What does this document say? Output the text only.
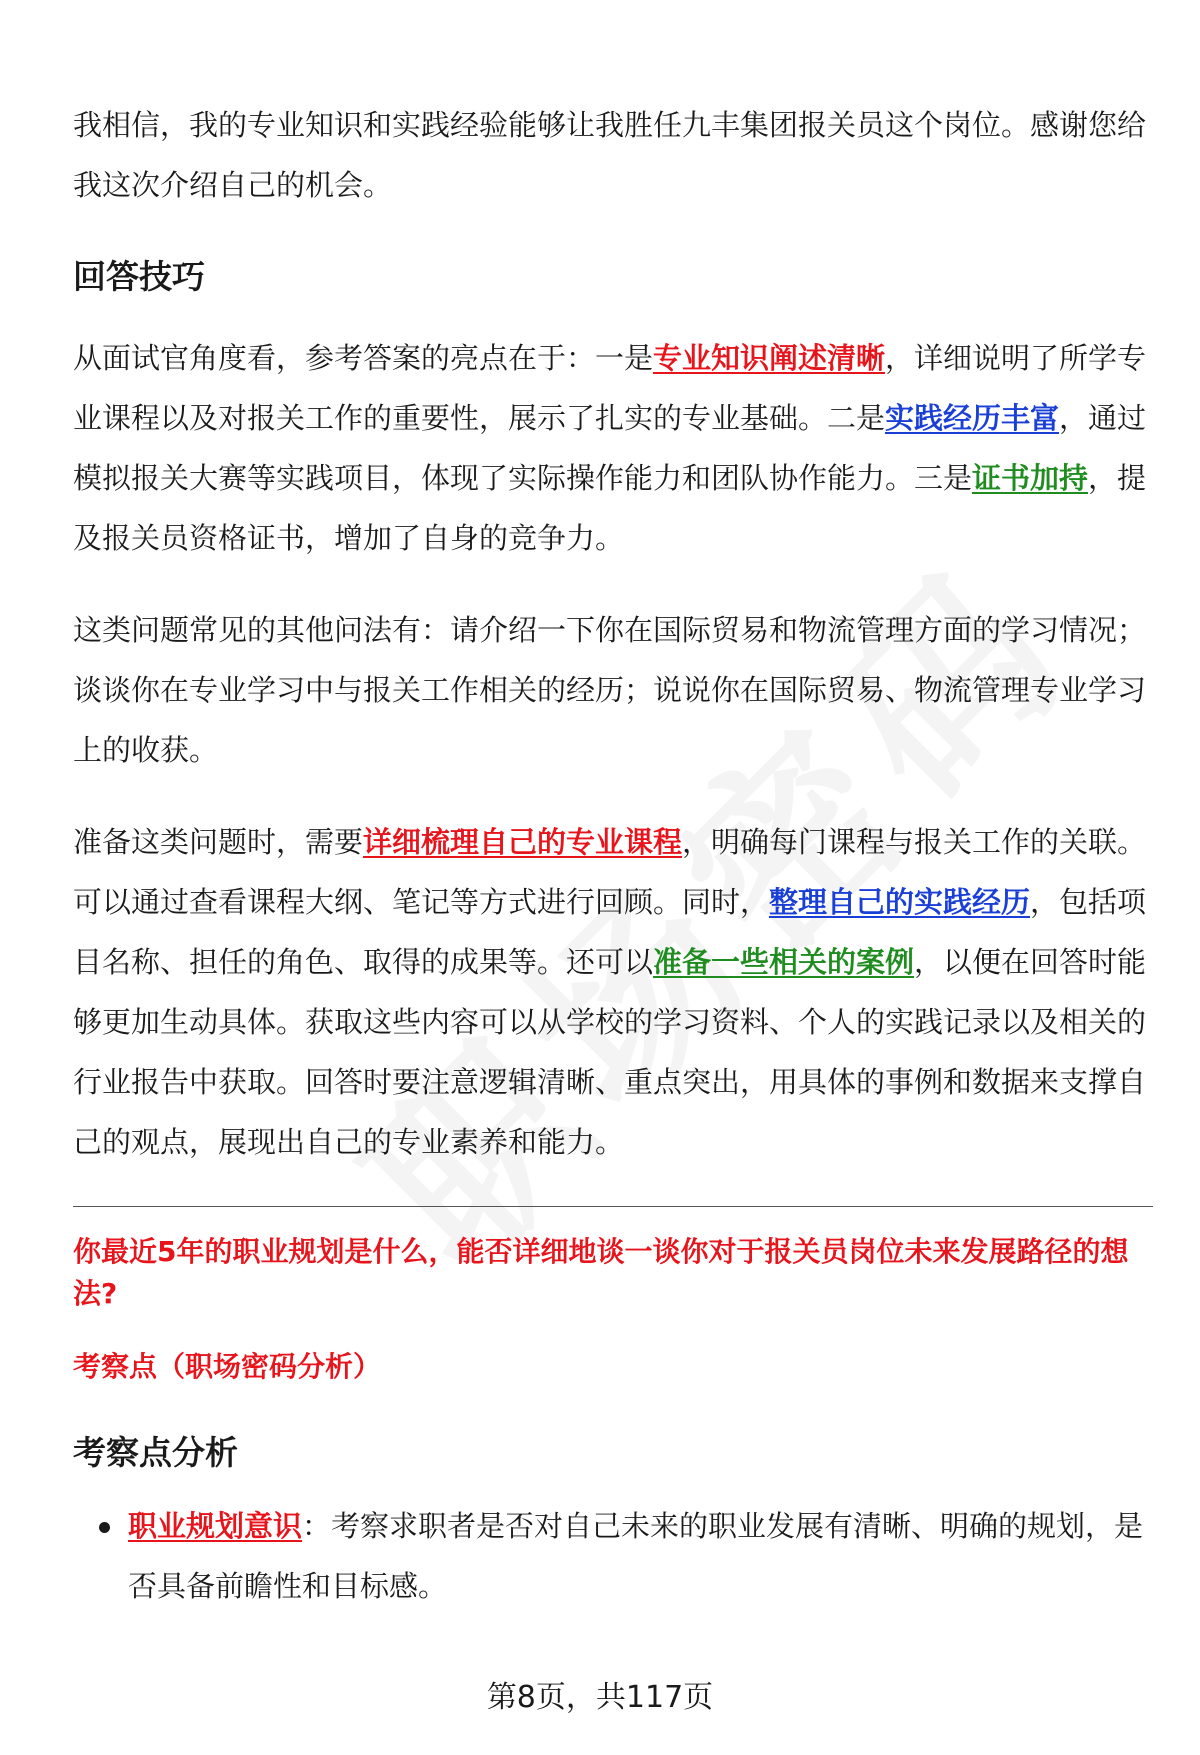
我相信，我的专业知识和实践经验能够让我胜任九丰集团报关员这个岗位。感谢您给我这次介绍自己的机会。

回答技巧

从面试官角度看，参考答案的亮点在于：一是专业知识阐述清晰，详细说明了所学专业课程以及对报关工作的重要性，展示了扎实的专业基础。二是实践经历丰富，通过模拟报关大赛等实践项目，体现了实际操作能力和团队协作能力。三是证书加持，提及报关员资格证书，增加了自身的竞争力。

这类问题常见的其他问法有：请介绍一下你在国际贸易和物流管理方面的学习情况；谈谈你在专业学习中与报关工作相关的经历；说说你在国际贸易、物流管理专业学习上的收获。

准备这类问题时，需要详细梳理自己的专业课程，明确每门课程与报关工作的关联。可以通过查看课程大纲、笔记等方式进行回顾。同时，整理自己的实践经历，包括项目名称、担任的角色、取得的成果等。还可以准备一些相关的案例，以便在回答时能够更加生动具体。获取这些内容可以从学校的学习资料、个人的实践记录以及相关的行业报告中获取。回答时要注意逻辑清晰、重点突出，用具体的事例和数据来支撑自己的观点，展现出自己的专业素养和能力。

你最近5年的职业规划是什么，能否详细地谈一谈你对于报关员岗位未来发展路径的想法?

考察点（职场密码分析）

考察点分析
职业规划意识：考察求职者是否对自己未来的职业发展有清晰、明确的规划，是否具备前瞻性和目标感。
第8页，共117页
